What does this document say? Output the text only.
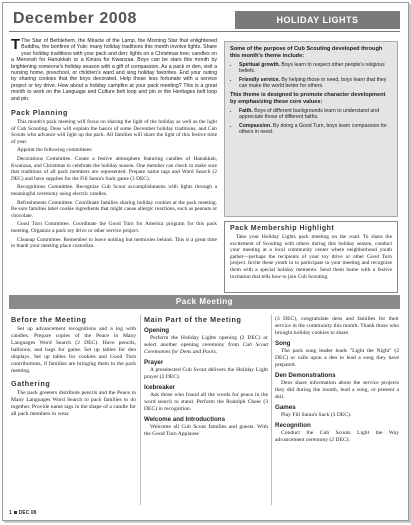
December 2008	HOLIDAY LIGHTS
T The Star of Bethlehem, the Miracle of the Lamp, the Morning Star that enlightened Buddha, the bonfires of Yule: many holiday traditions this month involve lights. Share your holiday traditions with your pack and den: lights on a Christmas tree; candles on a Menorah for Hanukkah or a Kinara for Kwanzaa. Boys can be stars this month by brightening someone's holiday season with a gift of compassion. As a pack or den, visit a nursing home, preschool, or children's ward and sing holiday favorites. End your outing by sharing cookies that the boys decorated. Help those less fortunate with a service project or toy drive. How about a holiday campfire at your pack meeting? This is a great month to work on the Language and Culture belt loop and pin or the Heritages belt loop and pin.
Pack Planning

This month's pack meeting will focus on sharing the light of the holiday as well as the light of Cub Scouting. Dens will explain the basics of some December holiday traditions, and Cub Scouts who advance will light up the pack. All families will share the light of this festive time of year.

Appoint the following committees:

Decorations Committee. Create a festive atmosphere featuring candles of Hanukkah, Kwanzaa, and Christmas to celebrate the holiday season. One member can check to make sure that traditions of all pack members are represented. Prepare name tags and Word Search (2 DEC) and have supplies for the Fill Santa's Sack game (3 DEC).

Recognitions Committee. Recognize Cub Scout accomplishments with lights through a meaningful ceremony using electric candles.

Refreshments Committee. Coordinate families sharing holiday cookies at the pack meeting. Be sure families label cookie ingredients that might cause allergic reactions, such as peanuts or chocolate.

Good Turn Committee. Coordinate the Good Turn for America program for this pack meeting. Organize a pack toy drive or other service project.

Cleanup Committee. Remember to leave nothing but memories behind. This is a great time to thank your meeting place custodian.

Some of the purpose of Cub Scouting developed through this month's theme include:
• Spiritual growth. Boys learn to respect other people's religious beliefs.
• Friendly service. By helping those in need, boys learn that they can make the world better for others.
This theme is designed to promote character development by emphasizing these core values:
• Faith. Boys of different backgrounds learn to understand and appreciate those of different faiths.
• Compassion. By doing a Good Turn, boys learn compassion for others in need.
Pack Membership Highlight

Take your Holiday Lights pack meeting on the road. To share the excitement of Scouting with others during this holiday season, conduct your meeting at a local community center where neighborhood youth gather—perhaps the recipients of your toy drive or other Good Turn project. Invite these youth in to participate in your meeting and recognize them with a special holiday memento. Send them home with a festive invitation that tells how to join Cub Scouting.

Pack Meeting
Before the Meeting

Set up advancement recognitions and a log with candles. Prepare copies of the Peace in Many Languages Word Search (2 DEC). Have pencils, balloons, and bags for game. Set up tables for den displays. Set up tables for cookies and Good Turn contributions, if families are bringing them to the pack meeting.

Gathering

The pack greeters distribute pencils and the Peace in Many Languages Word Search to pack families to do together. Provide name tags in the shape of a candle for all pack members to wear.

Main Part of the Meeting
Opening

Perform the Holiday Lights opening (2 DEC) or select another opening ceremony from Cub Scout Ceremonies for Dens and Packs.

Prayer

A preselected Cub Scout delivers the Holiday Light prayer (2 DEC).

Icebreaker

Ask those who found all the words for peace in the word search to stand. Perform the Rudolph Cheer (3 DEC) in recognition.

Welcome and Introductions

Welcome all Cub Scout families and guests. With the Good Turn Applause

(3 DEC), congratulate dens and families for their service in the community this month. Thank those who brought holiday cookies to share.

Song

The pack song leader leads "Light the Night" (2 DEC) or calls upon a den to lead a song they have prepared.

Den Demonstrations

Dens share information about the service projects they did during the month, lead a song, or present a skit.

Games

Play Fill Santa's Sack (3 DEC).

Recognition

Conduct the Cub Scouts Light the Way advancement ceremony (2 DEC).

1 DEC 08
